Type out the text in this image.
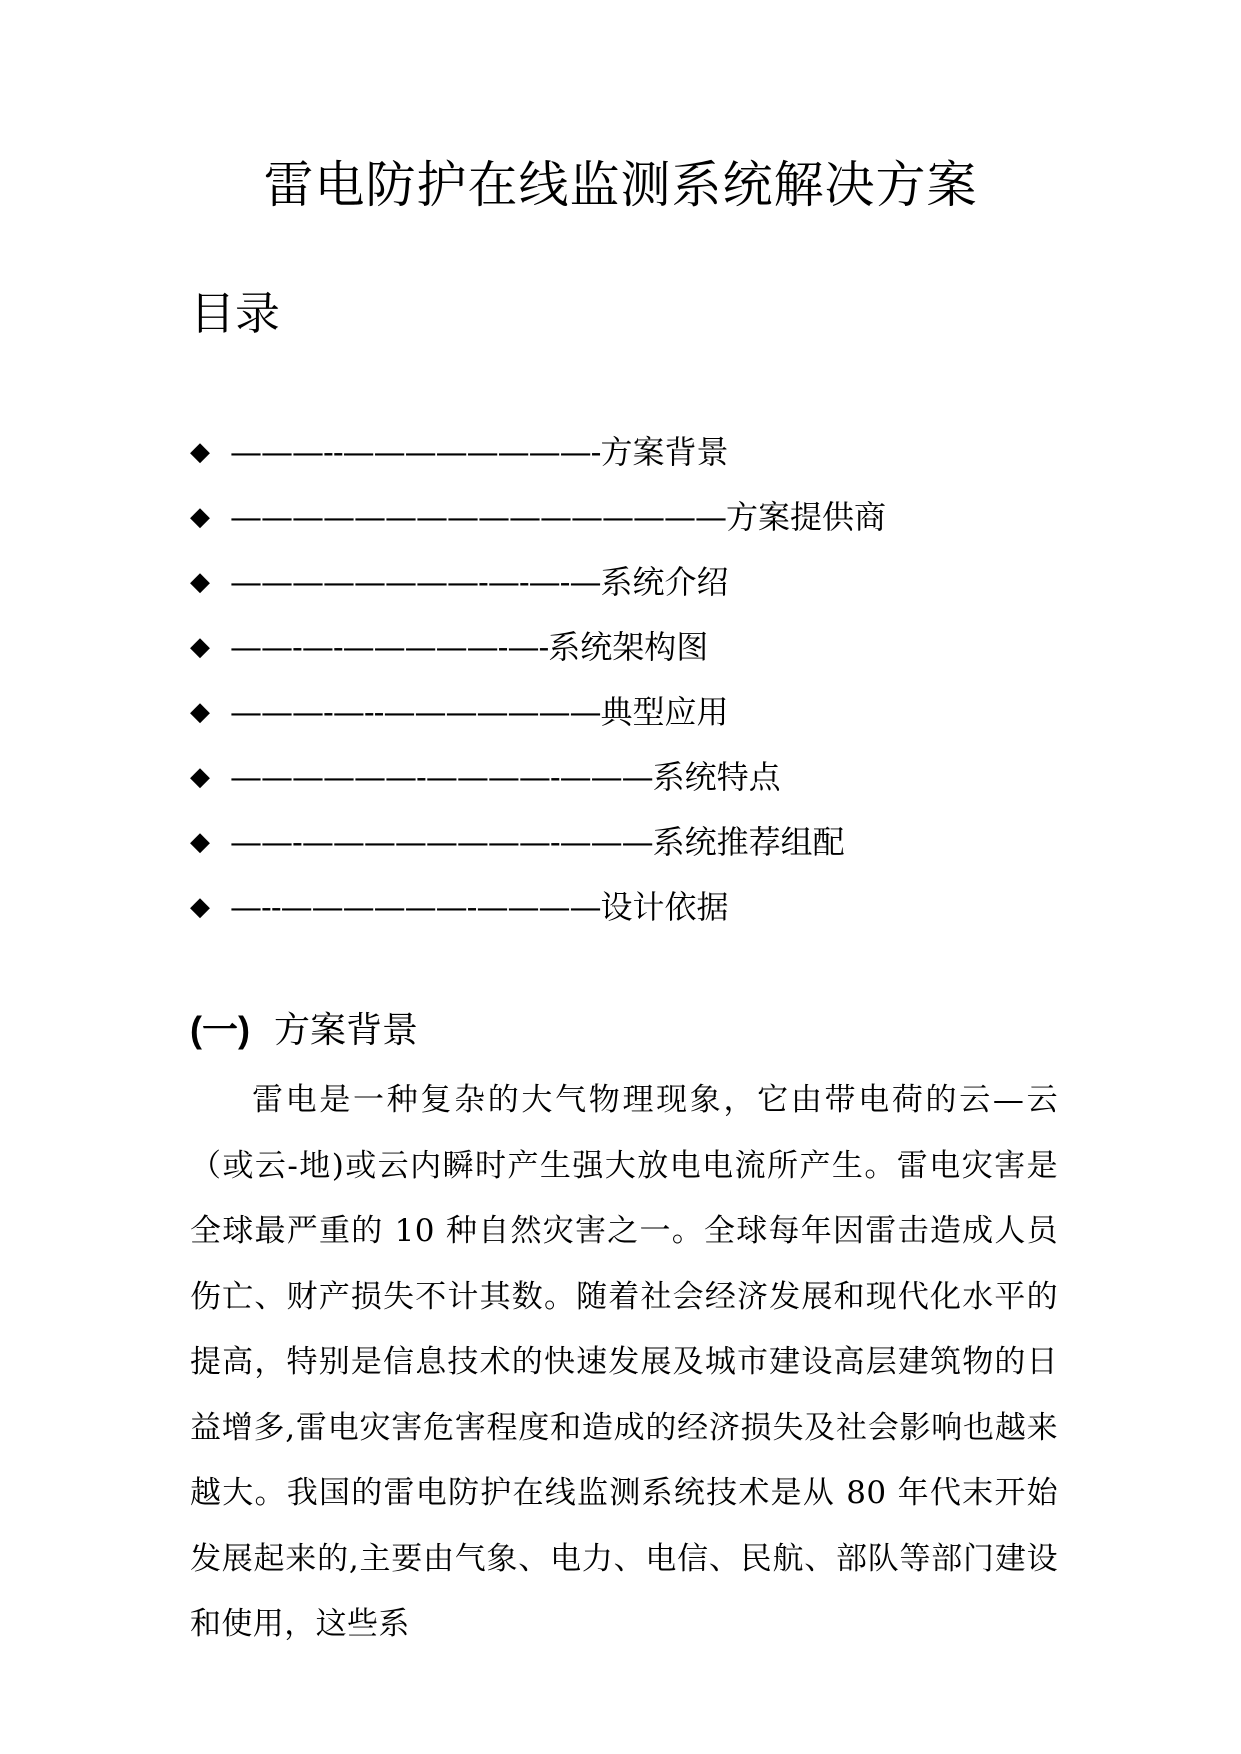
雷电防护在线监测系统解决方案
目录
◆ ———--————————- 方案背景
◆ ———————————————— 方案提供商
◆ ————————-—-—-— 系统介绍
◆ ——-—-—————-—- 系统架构图
◆ ———-—--——————— 典型应用
◆ ——————-————-——— 系统特点
◆ ——-————————-——— 系统推荐组配
◆ —--——————-———— 设计依据
(一) 方案背景

雷电是一种复杂的大气物理现象，它由带电荷的云—云（或云-地)或云内瞬时产生强大放电电流所产生。雷电灾害是全球最严重的 10 种自然灾害之一。全球每年因雷击造成人员伤亡、财产损失不计其数。随着社会经济发展和现代化水平的提高，特别是信息技术的快速发展及城市建设高层建筑物的日益增多,雷电灾害危害程度和造成的经济损失及社会影响也越来越大。我国的雷电防护在线监测系统技术是从 80 年代末开始发展起来的,主要由气象、电力、电信、民航、部队等部门建设和使用，这些系
